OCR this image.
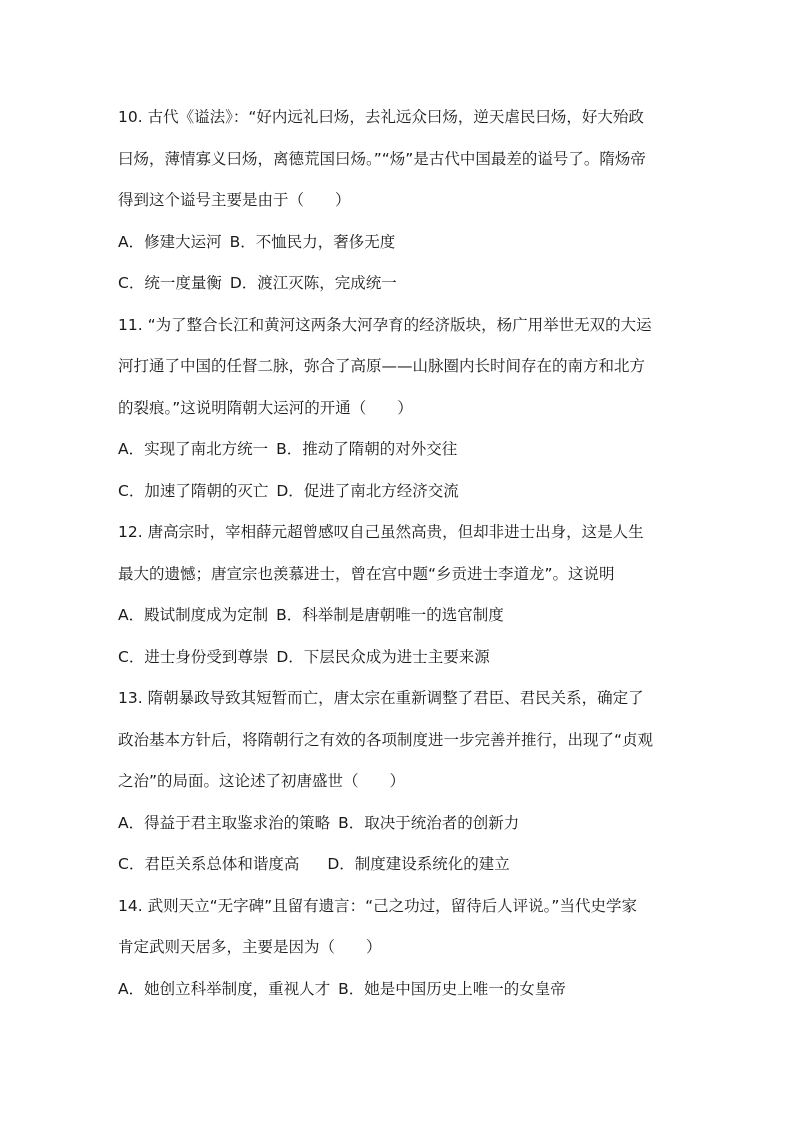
10. 古代《谥法》：“好内远礼曰炀，去礼远众曰炀，逆天虐民曰炀，好大殆政
曰炀，薄情寡义曰炀，离德荒国曰炀。”“炀”是古代中国最差的谥号了。隋炀帝
得到这个谥号主要是由于（　　）
A．修建大运河 B．不恤民力，奢侈无度
C．统一度量衡 D．渡江灭陈，完成统一
11. “为了整合长江和黄河这两条大河孕育的经济版块，杨广用举世无双的大运
河打通了中国的任督二脉，弥合了高原——山脉圈内长时间存在的南方和北方
的裂痕。”这说明隋朝大运河的开通（　　）
A．实现了南北方统一 B．推动了隋朝的对外交往
C．加速了隋朝的灭亡 D．促进了南北方经济交流
12. 唐高宗时，宰相薛元超曾感叹自己虽然高贵，但却非进士出身，这是人生
最大的遗憾；唐宣宗也羡慕进士，曾在宫中题“乡贡进士李道龙”。这说明
A．殿试制度成为定制 B．科举制是唐朝唯一的选官制度
C．进士身份受到尊崇 D．下层民众成为进士主要来源
13. 隋朝暴政导致其短暂而亡，唐太宗在重新调整了君臣、君民关系，确定了
政治基本方针后，将隋朝行之有效的各项制度进一步完善并推行，出现了“贞观
之治”的局面。这论述了初唐盛世（　　）
A．得益于君主取鉴求治的策略 B．取决于统治者的创新力
C．君臣关系总体和谐度高 D．制度建设系统化的建立
14. 武则天立“无字碑”且留有遗言：“己之功过，留待后人评说。”当代史学家
肯定武则天居多，主要是因为（　　）
A．她创立科举制度，重视人才 B．她是中国历史上唯一的女皇帝
